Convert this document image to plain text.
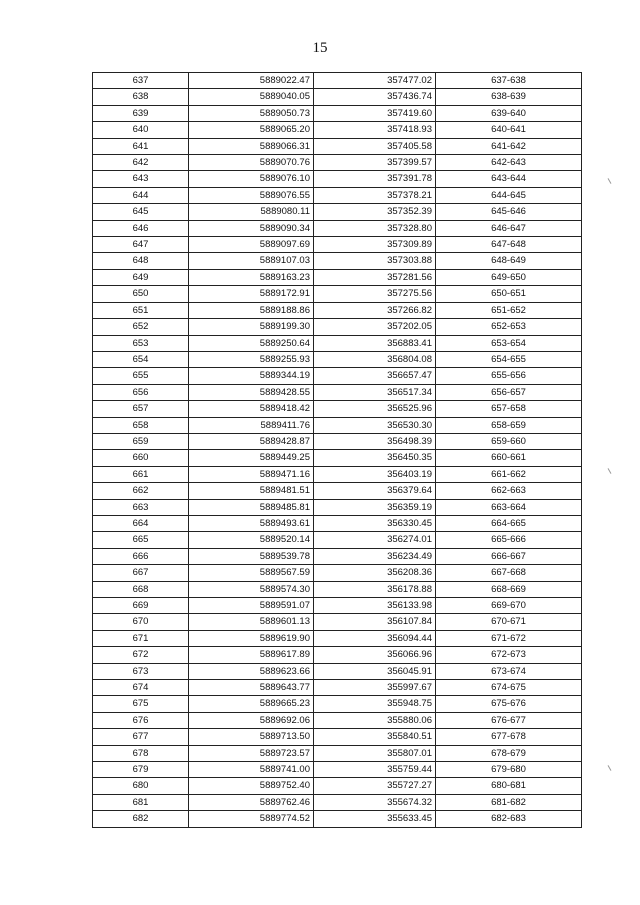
15
637	5889022.47	357477.02	637-638
638	5889040.05	357436.74	638-639
639	5889050.73	357419.60	639-640
640	5889065.20	357418.93	640-641
641	5889066.31	357405.58	641-642
642	5889070.76	357399.57	642-643
643	5889076.10	357391.78	643-644
644	5889076.55	357378.21	644-645
645	5889080.11	357352.39	645-646
646	5889090.34	357328.80	646-647
647	5889097.69	357309.89	647-648
648	5889107.03	357303.88	648-649
649	5889163.23	357281.56	649-650
650	5889172.91	357275.56	650-651
651	5889188.86	357266.82	651-652
652	5889199.30	357202.05	652-653
653	5889250.64	356883.41	653-654
654	5889255.93	356804.08	654-655
655	5889344.19	356657.47	655-656
656	5889428.55	356517.34	656-657
657	5889418.42	356525.96	657-658
658	5889411.76	356530.30	658-659
659	5889428.87	356498.39	659-660
660	5889449.25	356450.35	660-661
661	5889471.16	356403.19	661-662
662	5889481.51	356379.64	662-663
663	5889485.81	356359.19	663-664
664	5889493.61	356330.45	664-665
665	5889520.14	356274.01	665-666
666	5889539.78	356234.49	666-667
667	5889567.59	356208.36	667-668
668	5889574.30	356178.88	668-669
669	5889591.07	356133.98	669-670
670	5889601.13	356107.84	670-671
671	5889619.90	356094.44	671-672
672	5889617.89	356066.96	672-673
673	5889623.66	356045.91	673-674
674	5889643.77	355997.67	674-675
675	5889665.23	355948.75	675-676
676	5889692.06	355880.06	676-677
677	5889713.50	355840.51	677-678
678	5889723.57	355807.01	678-679
679	5889741.00	355759.44	679-680
680	5889752.40	355727.27	680-681
681	5889762.46	355674.32	681-682
682	5889774.52	355633.45	682-683
